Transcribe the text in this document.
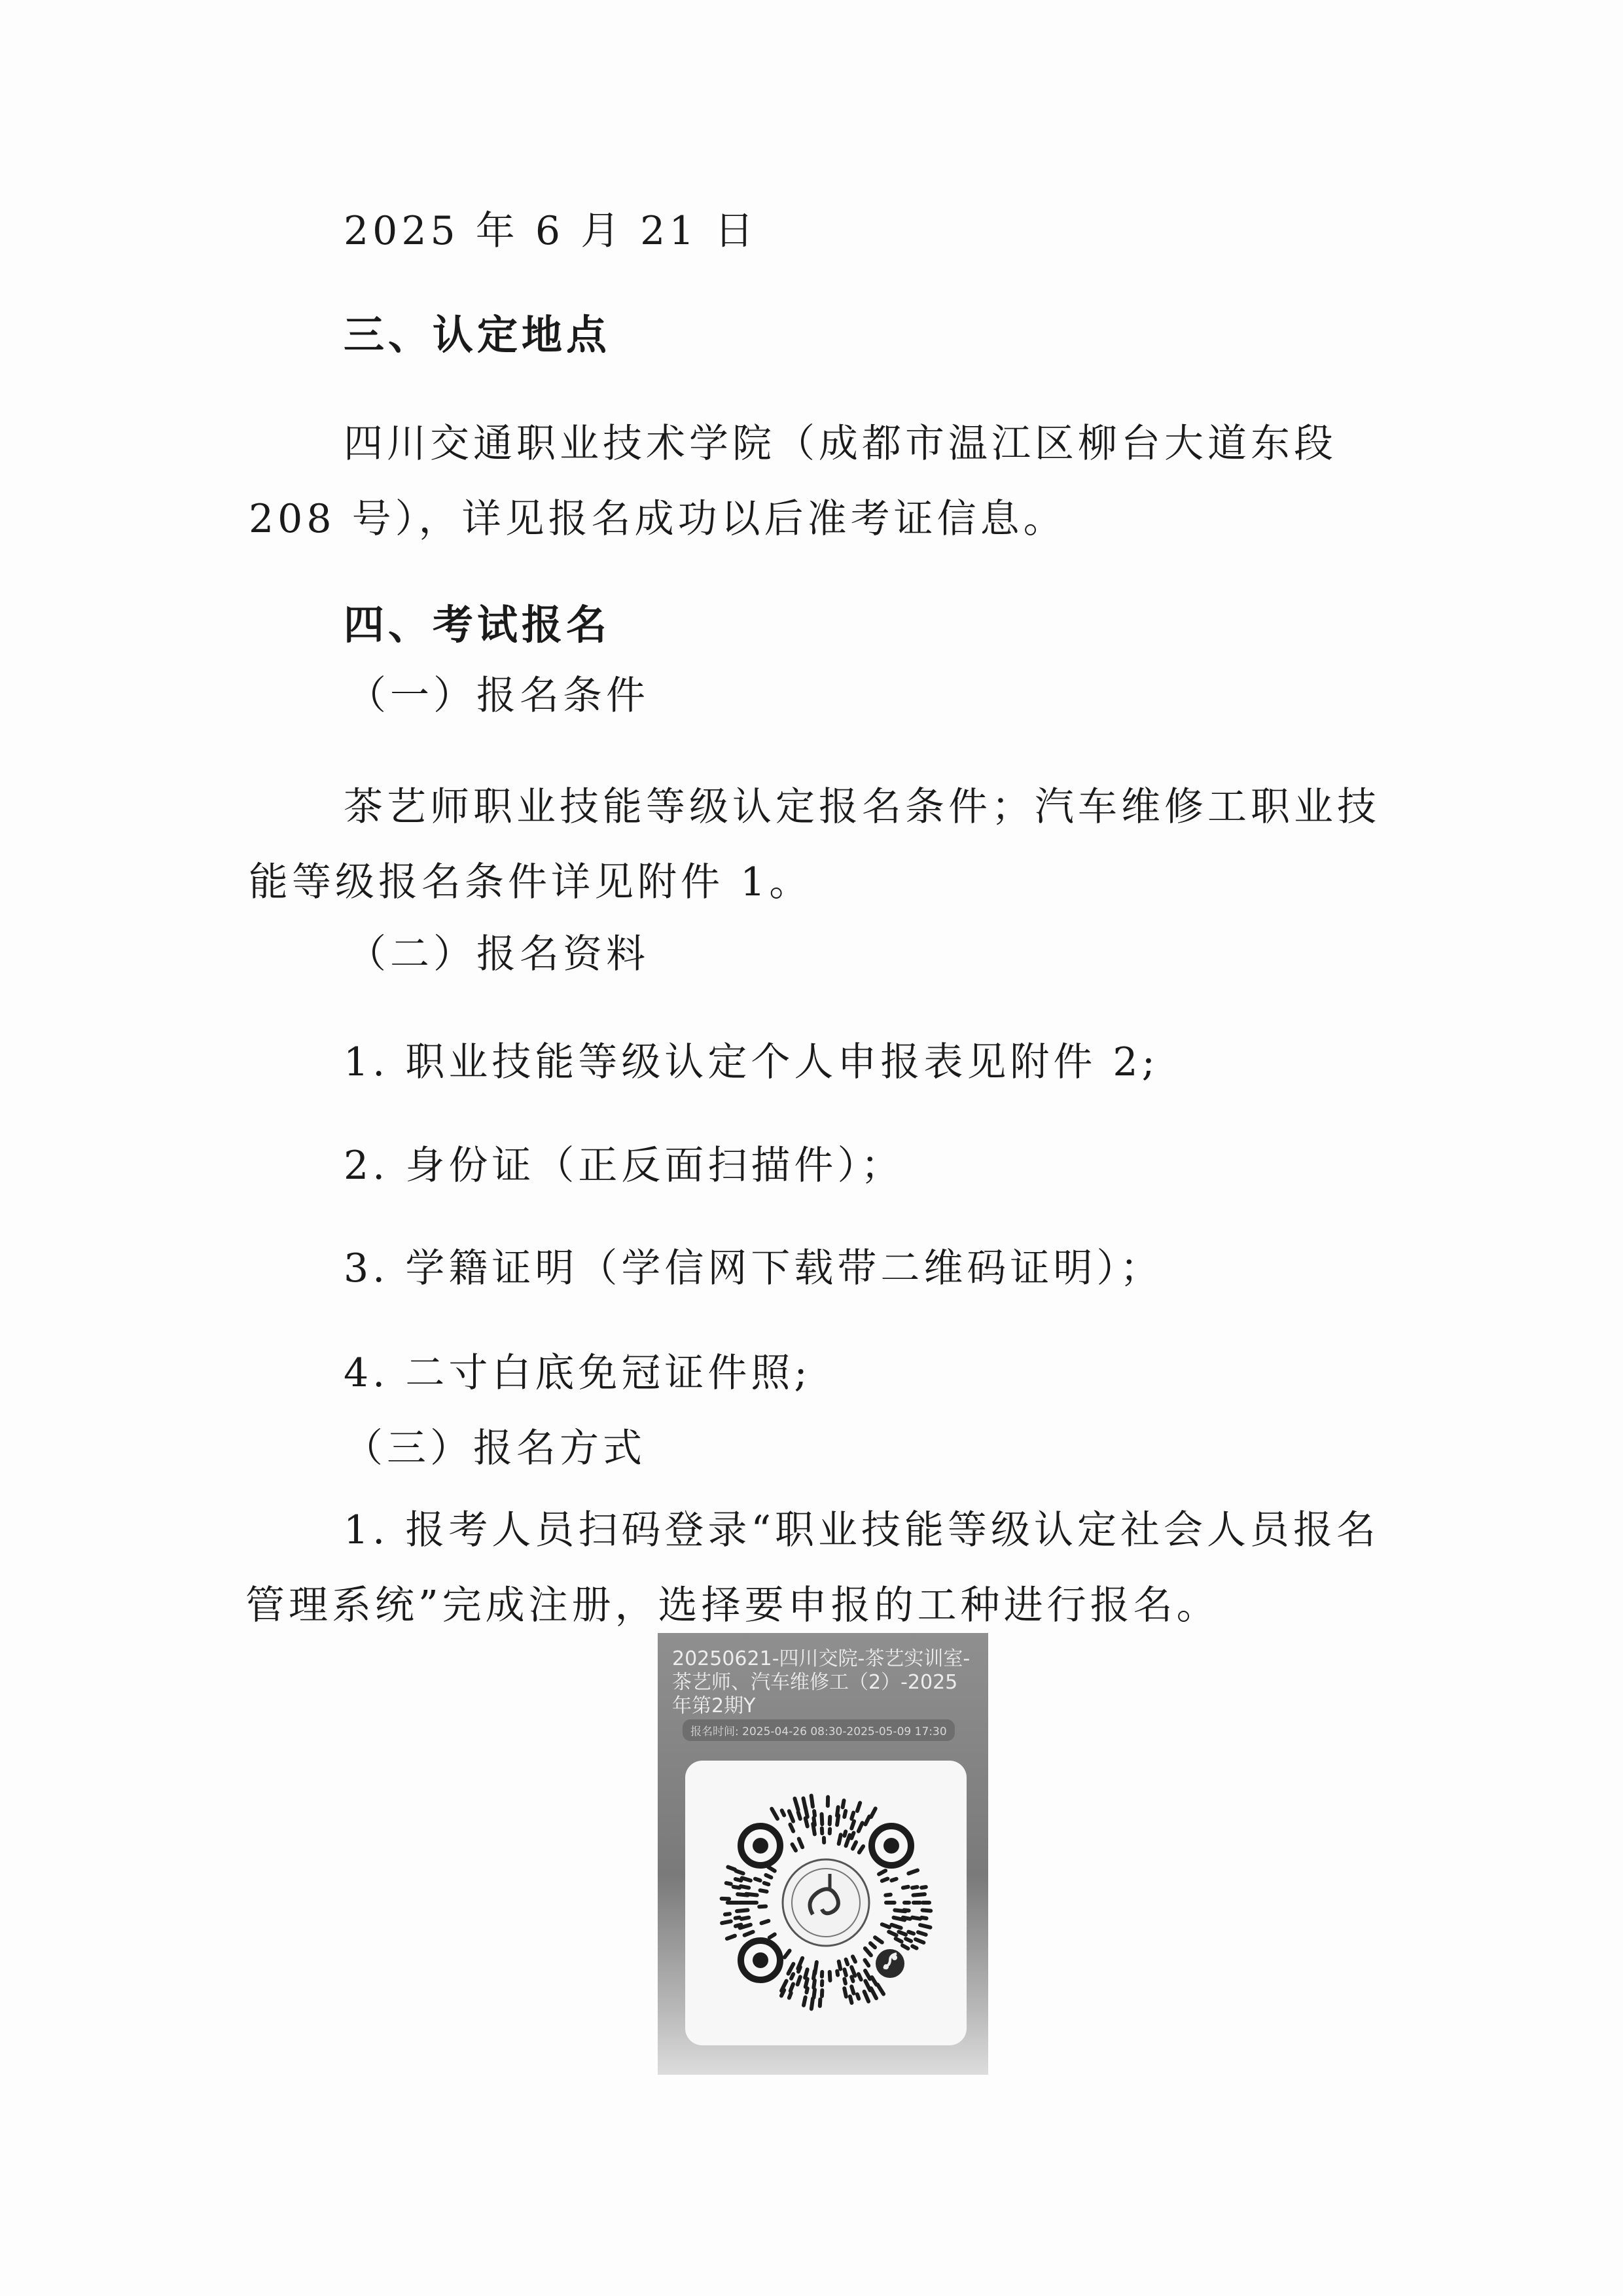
2025 年 6 月 21 日

三、认定地点

四川交通职业技术学院（成都市温江区柳台大道东段

208 号），详见报名成功以后准考证信息。

四、考试报名

（一）报名条件

茶艺师职业技能等级认定报名条件；汽车维修工职业技

能等级报名条件详见附件 1。

（二）报名资料

1. 职业技能等级认定个人申报表见附件 2;

2. 身份证（正反面扫描件）；

3. 学籍证明（学信网下载带二维码证明）；

4. 二寸白底免冠证件照;

（三）报名方式

1. 报考人员扫码登录“职业技能等级认定社会人员报名

管理系统”完成注册，选择要申报的工种进行报名。

20250621-四川交院-茶艺实训室-茶艺师、汽车维修工（2）-2025年第2期Y
报名时间: 2025-04-26 08:30-2025-05-09 17:30
